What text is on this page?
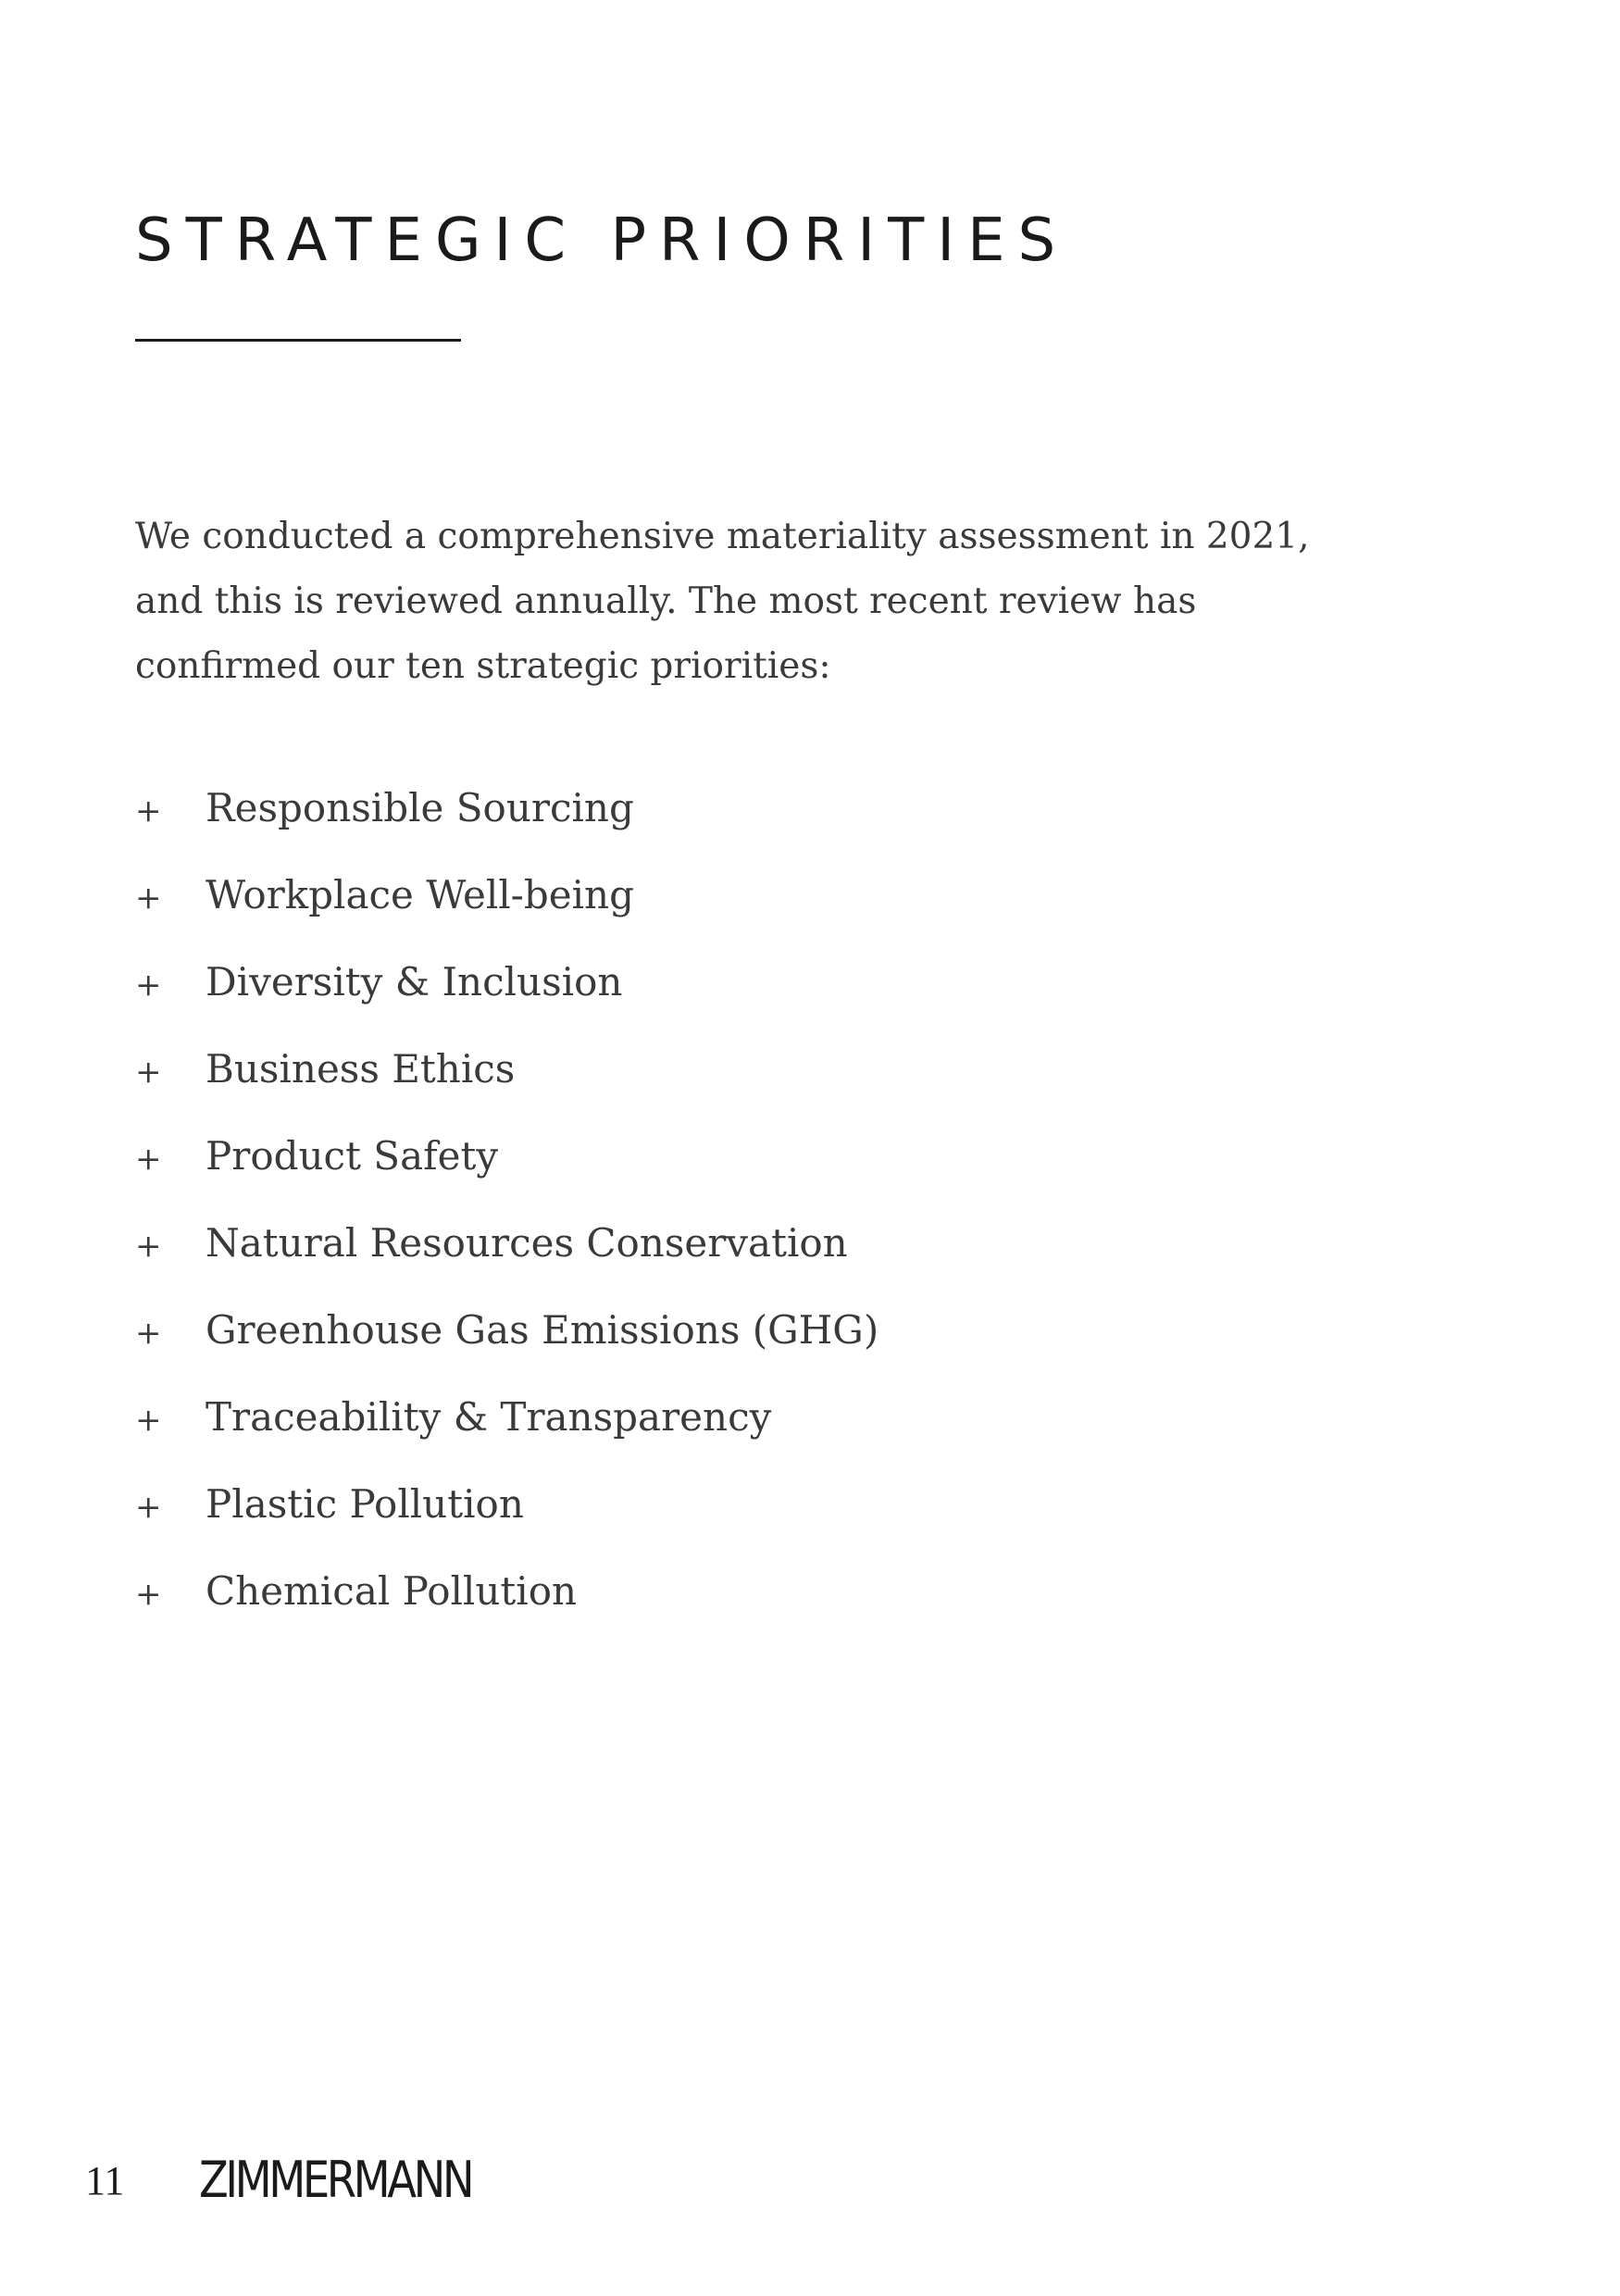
STRATEGIC PRIORITIES

We conducted a comprehensive materiality assessment in 2021, and this is reviewed annually. The most recent review has confirmed our ten strategic priorities:

+	Responsible Sourcing
+	Workplace Well-being
+	Diversity & Inclusion
+	Business Ethics
+	Product Safety
+	Natural Resources Conservation
+	Greenhouse Gas Emissions (GHG)
+	Traceability & Transparency
+	Plastic Pollution
+	Chemical Pollution
11 ZIMMERMANN
